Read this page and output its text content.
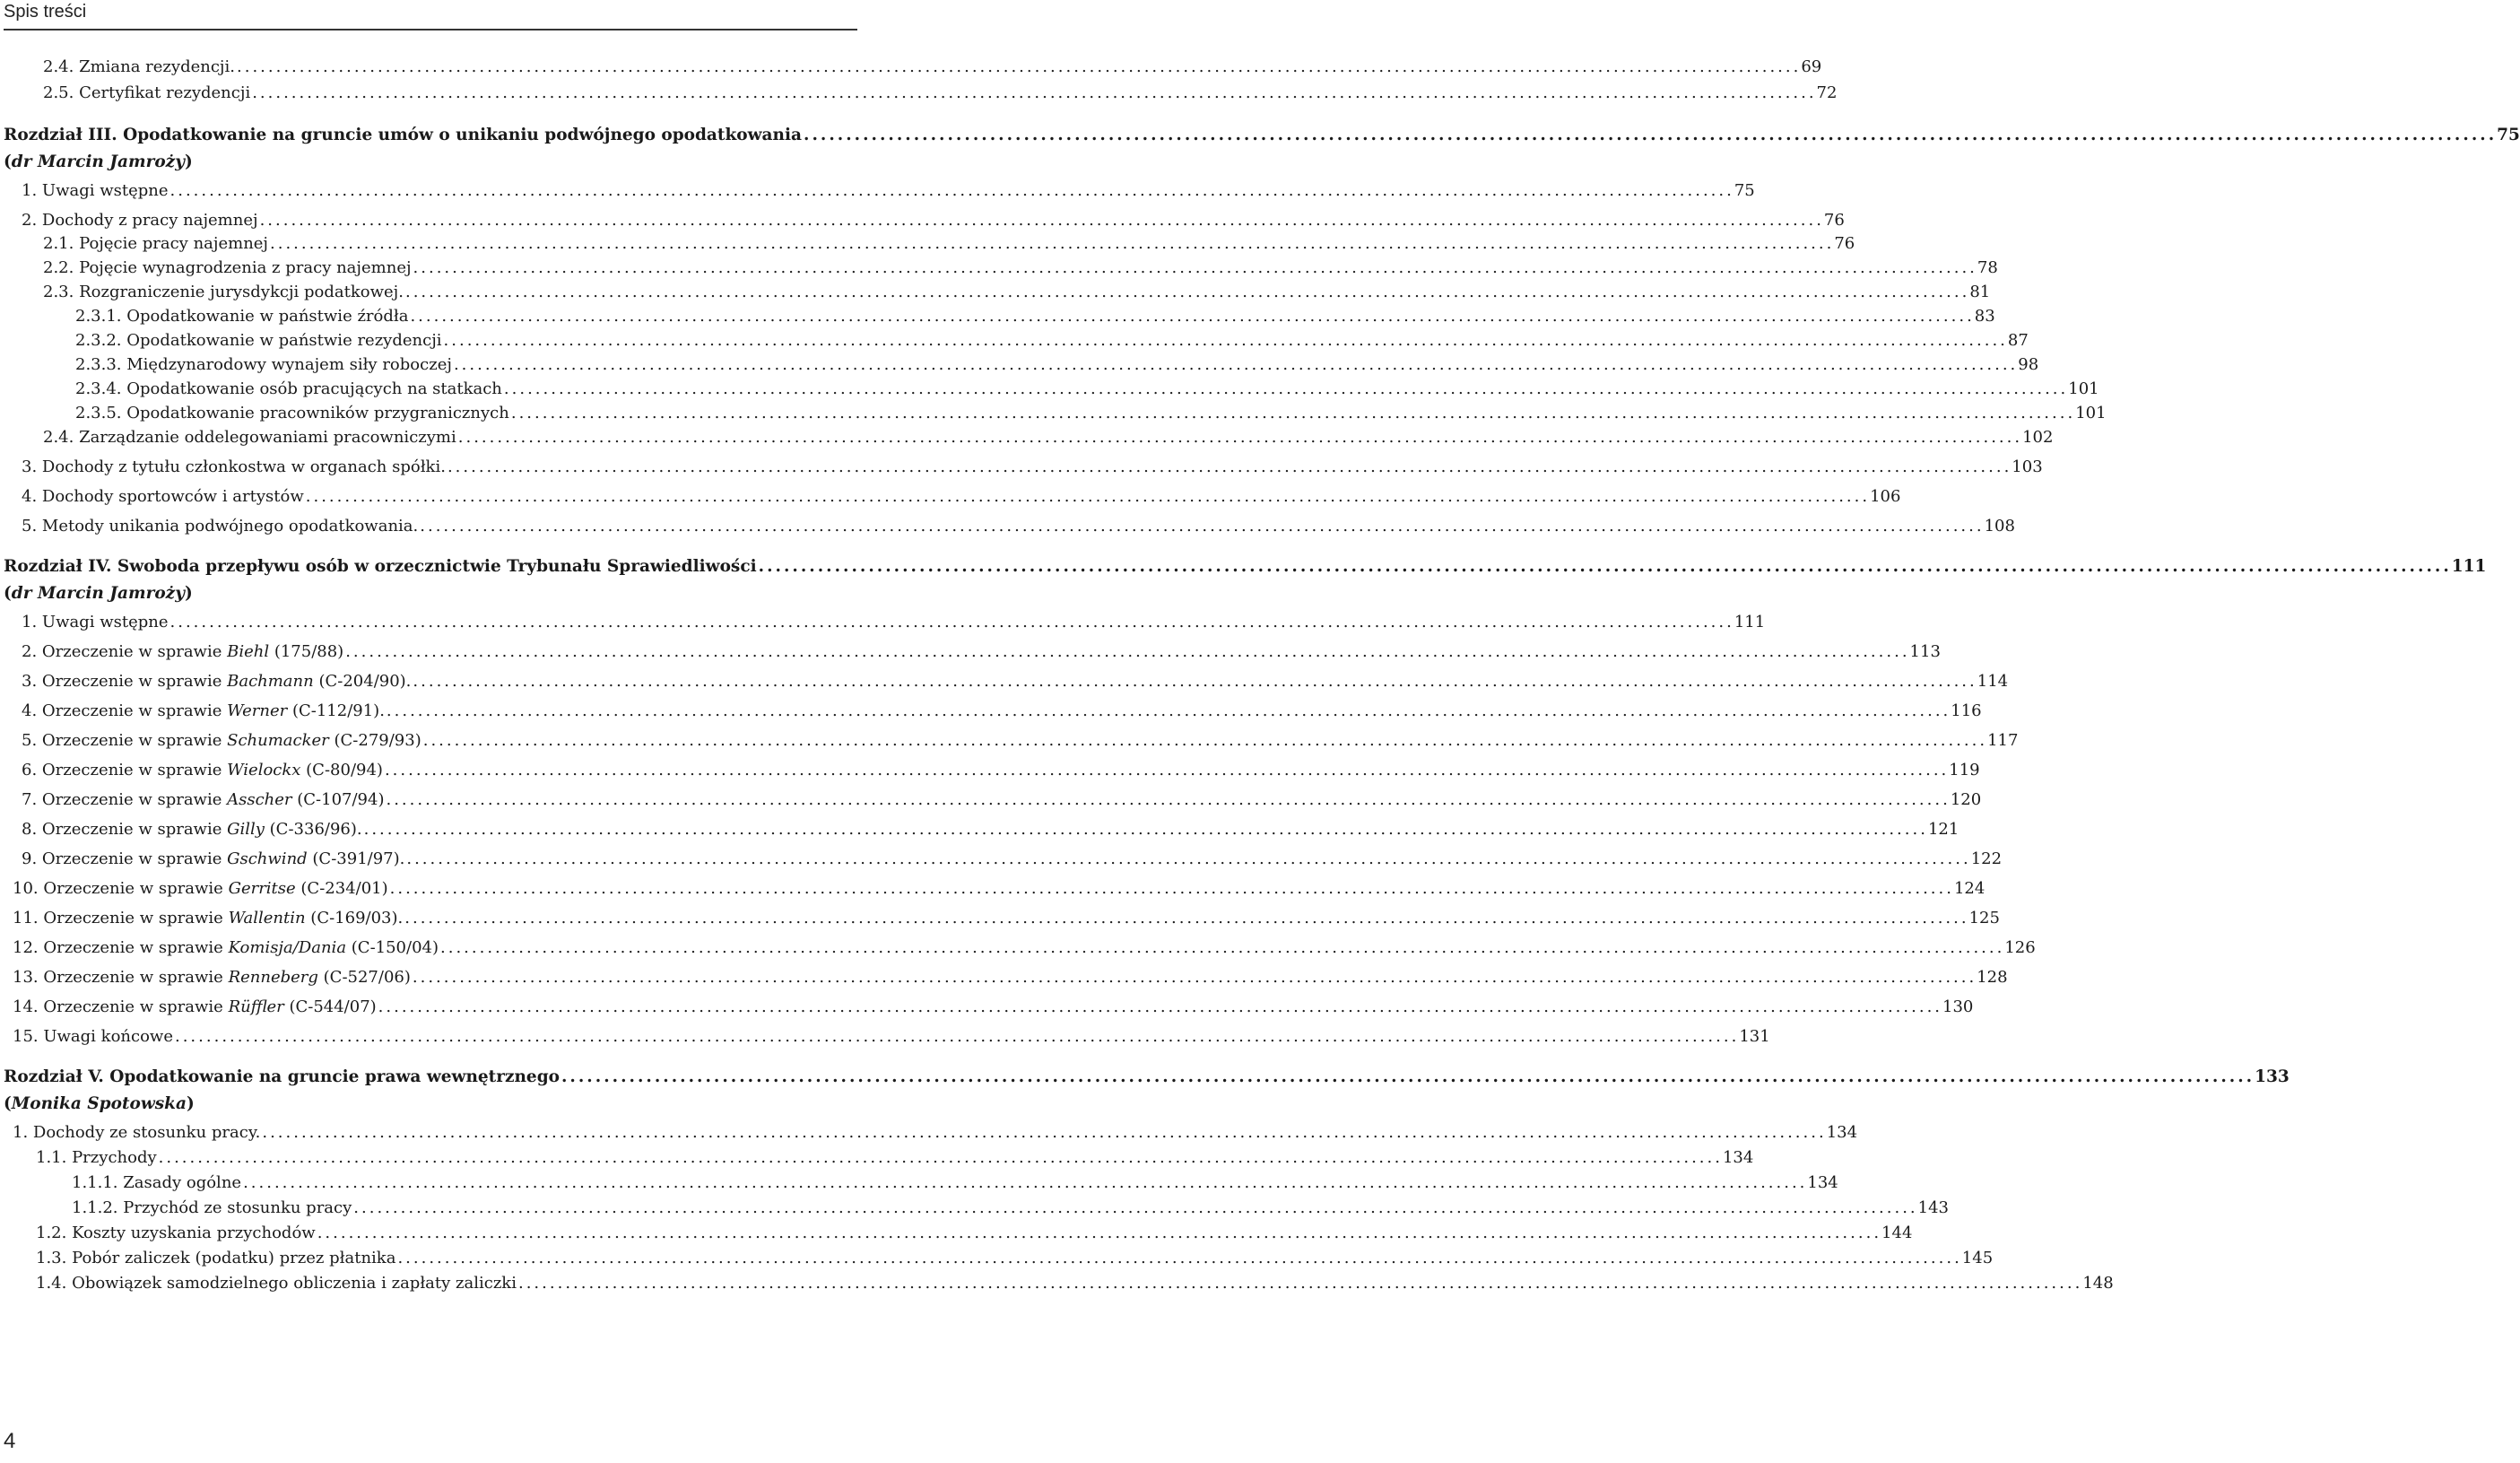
Spis treści
2.4. Zmiana rezydencji. ........................................................................................................................................................................................................ 69
2.5. Certyfikat rezydencji ........................................................................................................................................................................................................ 72
Rozdział III. Opodatkowanie na gruncie umów o unikaniu podwójnego opodatkowania ........................................................................................................................................................................................................ 75
(dr Marcin Jamroży)
1. Uwagi wstępne ........................................................................................................................................................................................................ 75
2. Dochody z pracy najemnej ........................................................................................................................................................................................................ 76
2.1. Pojęcie pracy najemnej ........................................................................................................................................................................................................ 76
2.2. Pojęcie wynagrodzenia z pracy najemnej ........................................................................................................................................................................................................ 78
2.3. Rozgraniczenie jurysdykcji podatkowej. ........................................................................................................................................................................................................ 81
2.3.1. Opodatkowanie w państwie źródła ........................................................................................................................................................................................................ 83
2.3.2. Opodatkowanie w państwie rezydencji ........................................................................................................................................................................................................ 87
2.3.3. Międzynarodowy wynajem siły roboczej ........................................................................................................................................................................................................ 98
2.3.4. Opodatkowanie osób pracujących na statkach ........................................................................................................................................................................................................ 101
2.3.5. Opodatkowanie pracowników przygranicznych ........................................................................................................................................................................................................ 101
2.4. Zarządzanie oddelegowaniami pracowniczymi ........................................................................................................................................................................................................ 102
3. Dochody z tytułu członkostwa w organach spółki. ........................................................................................................................................................................................................ 103
4. Dochody sportowców i artystów ........................................................................................................................................................................................................ 106
5. Metody unikania podwójnego opodatkowania. ........................................................................................................................................................................................................ 108
Rozdział IV. Swoboda przepływu osób w orzecznictwie Trybunału Sprawiedliwości ........................................................................................................................................................................................................ 111
(dr Marcin Jamroży)
1. Uwagi wstępne ........................................................................................................................................................................................................ 111
2. Orzeczenie w sprawie Biehl (175/88) ........................................................................................................................................................................................................ 113
3. Orzeczenie w sprawie Bachmann (C-204/90). ........................................................................................................................................................................................................ 114
4. Orzeczenie w sprawie Werner (C-112/91). ........................................................................................................................................................................................................ 116
5. Orzeczenie w sprawie Schumacker (C-279/93) ........................................................................................................................................................................................................ 117
6. Orzeczenie w sprawie Wielockx (C-80/94) ........................................................................................................................................................................................................ 119
7. Orzeczenie w sprawie Asscher (C-107/94) ........................................................................................................................................................................................................ 120
8. Orzeczenie w sprawie Gilly (C-336/96). ........................................................................................................................................................................................................ 121
9. Orzeczenie w sprawie Gschwind (C-391/97). ........................................................................................................................................................................................................ 122
10. Orzeczenie w sprawie Gerritse (C-234/01) ........................................................................................................................................................................................................ 124
11. Orzeczenie w sprawie Wallentin (C-169/03). ........................................................................................................................................................................................................ 125
12. Orzeczenie w sprawie Komisja/Dania (C-150/04) ........................................................................................................................................................................................................ 126
13. Orzeczenie w sprawie Renneberg (C-527/06) ........................................................................................................................................................................................................ 128
14. Orzeczenie w sprawie Rüffler (C-544/07) ........................................................................................................................................................................................................ 130
15. Uwagi końcowe ........................................................................................................................................................................................................ 131
Rozdział V. Opodatkowanie na gruncie prawa wewnętrznego ........................................................................................................................................................................................................ 133
(Monika Spotowska)
1. Dochody ze stosunku pracy. ........................................................................................................................................................................................................ 134
1.1. Przychody ........................................................................................................................................................................................................ 134
1.1.1. Zasady ogólne ........................................................................................................................................................................................................ 134
1.1.2. Przychód ze stosunku pracy ........................................................................................................................................................................................................ 143
1.2. Koszty uzyskania przychodów ........................................................................................................................................................................................................ 144
1.3. Pobór zaliczek (podatku) przez płatnika ........................................................................................................................................................................................................ 145
1.4. Obowiązek samodzielnego obliczenia i zapłaty zaliczki ........................................................................................................................................................................................................ 148
4
